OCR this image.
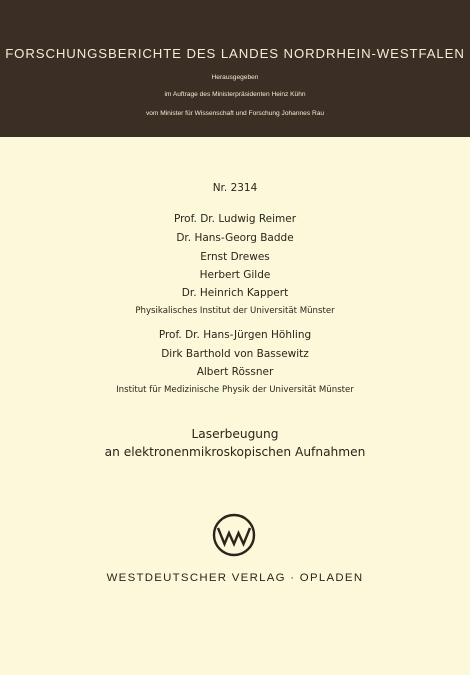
FORSCHUNGSBERICHTE DES LANDES NORDRHEIN-WESTFALEN
Herausgegeben
im Auftrage des Ministerpräsidenten Heinz Kühn
vom Minister für Wissenschaft und Forschung Johannes Rau
Nr. 2314
Prof. Dr. Ludwig Reimer
Dr. Hans-Georg Badde
Ernst Drewes
Herbert Gilde
Dr. Heinrich Kappert
Physikalisches Institut der Universität Münster
Prof. Dr. Hans-Jürgen Höhling
Dirk Barthold von Bassewitz
Albert Rössner
Institut für Medizinische Physik der Universität Münster
Laserbeugung
an elektronenmikroskopischen Aufnahmen
WESTDEUTSCHER VERLAG · OPLADEN
